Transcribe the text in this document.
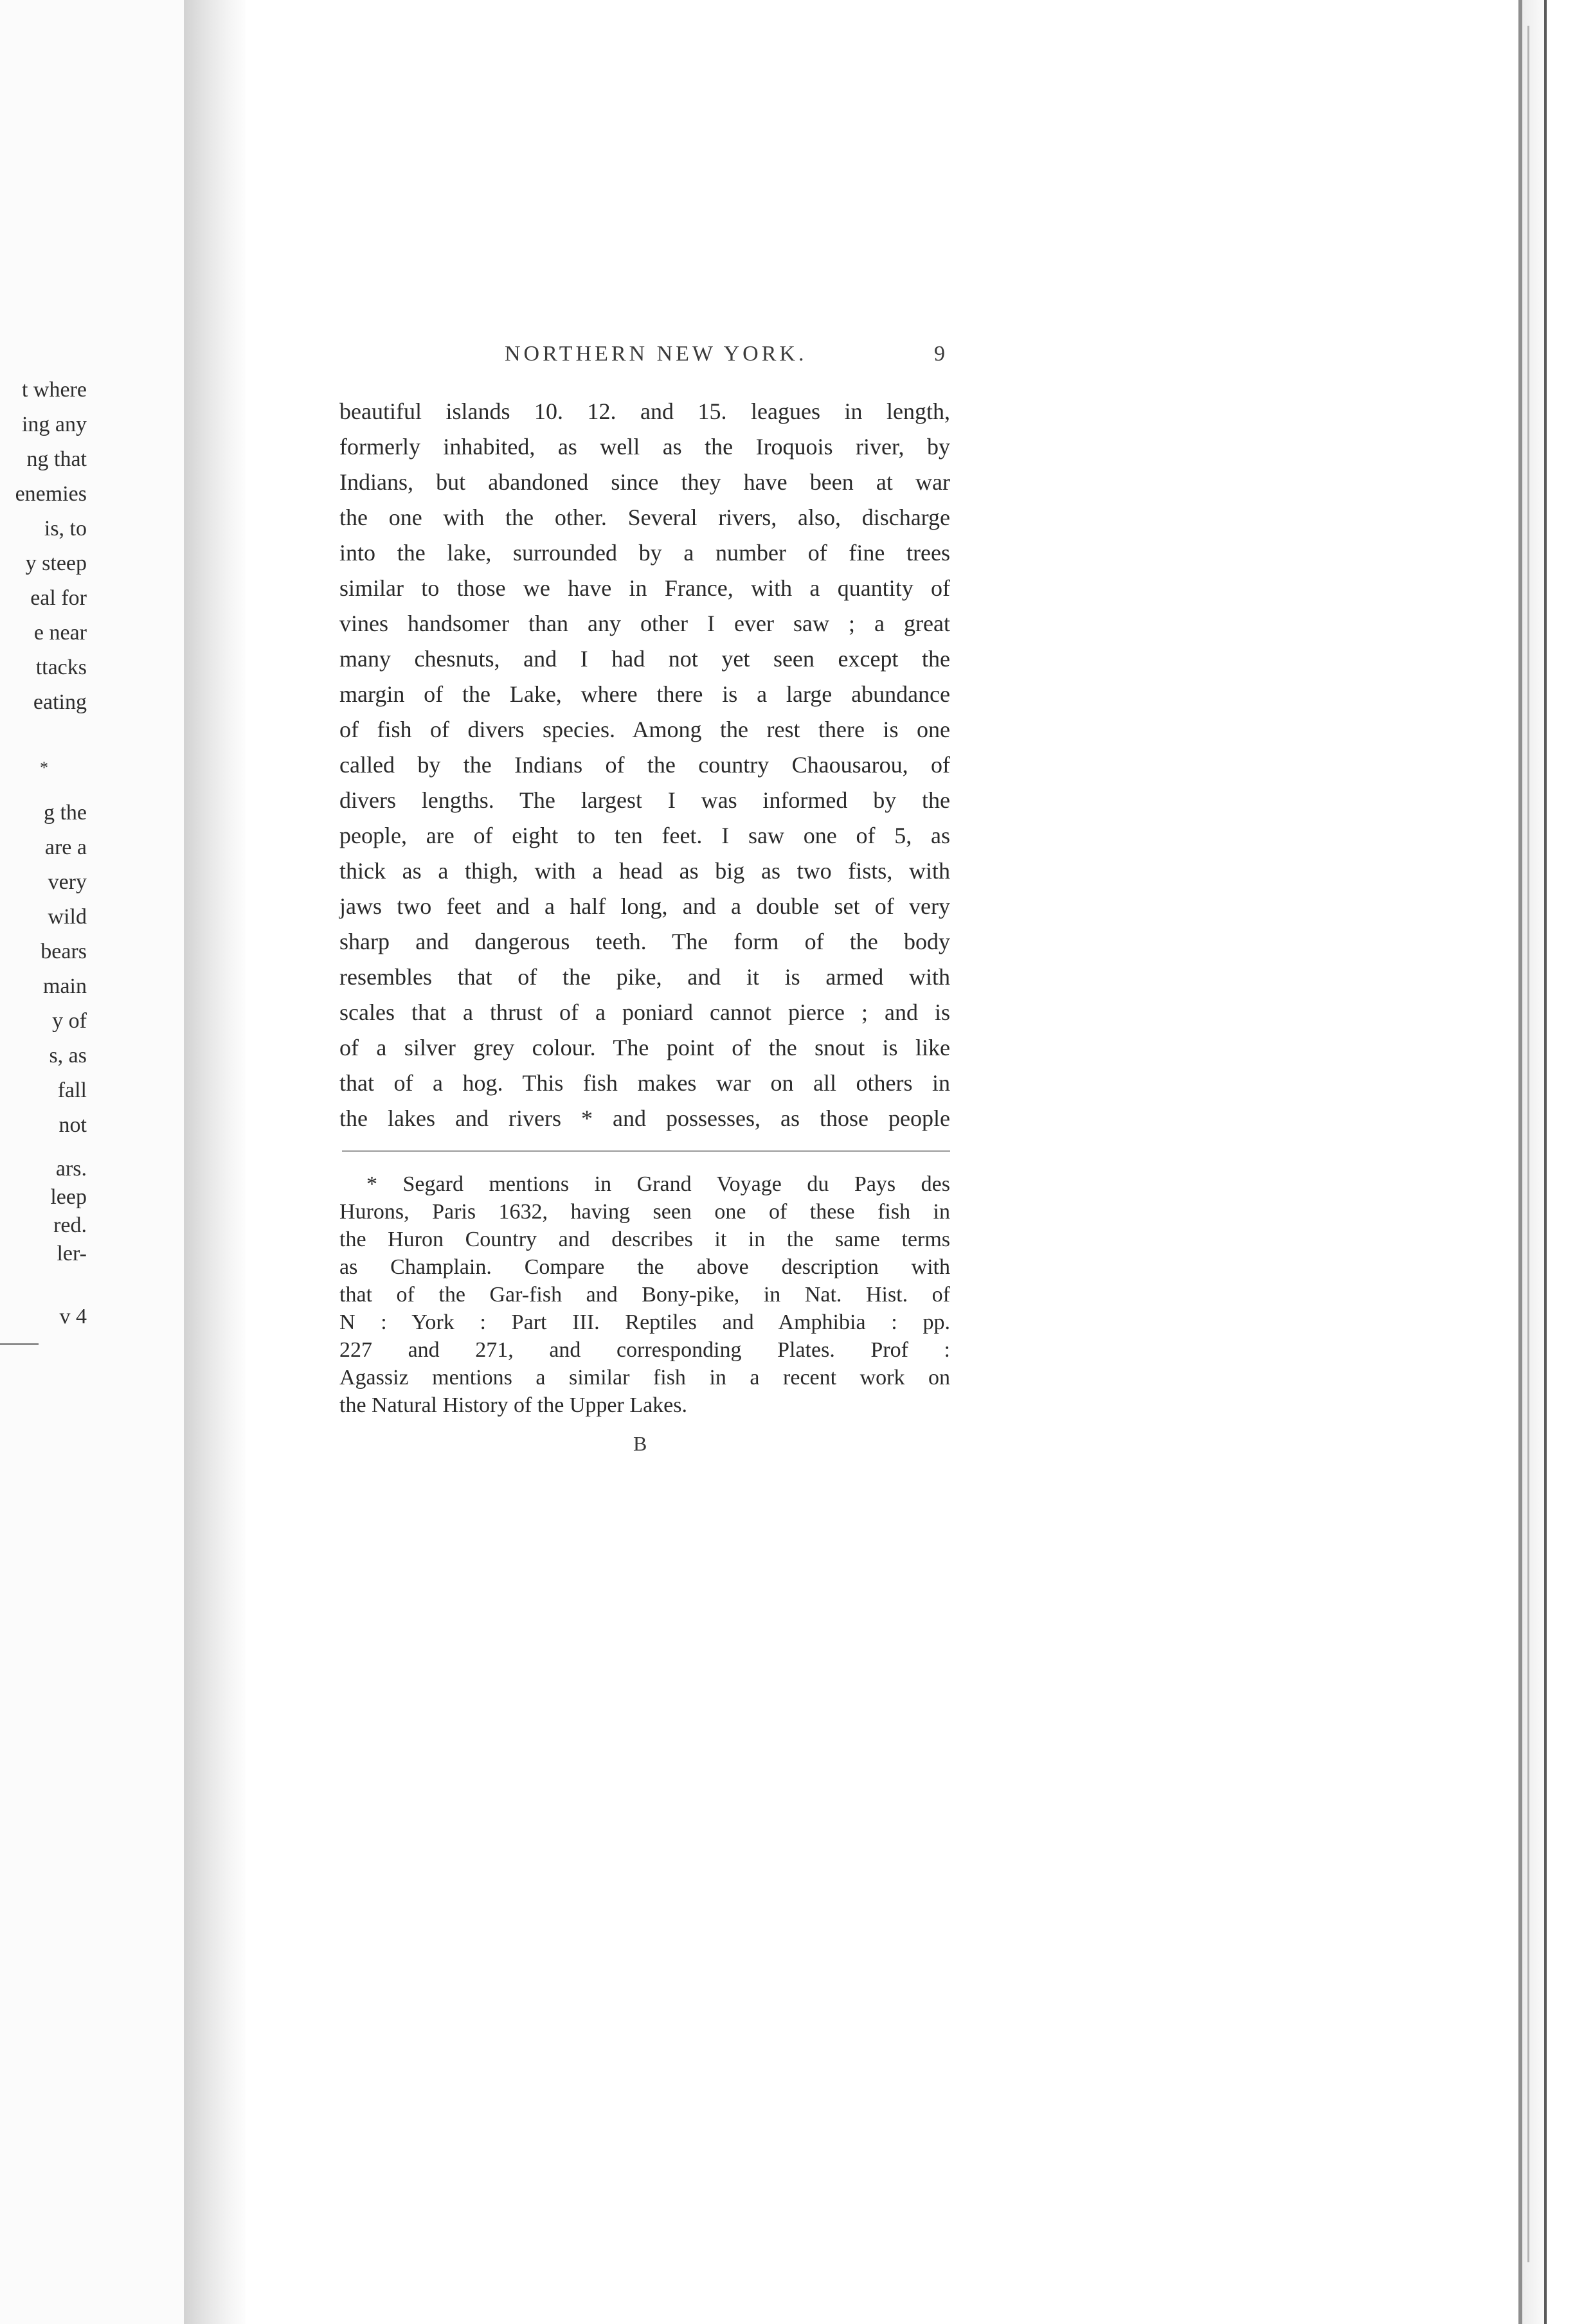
t where
ing any
ng that
enemies
is, to
y steep
eal for
e near
ttacks
eating
*
g the
are a
very
wild
bears
main
y of
s, as
fall
not
ars.
leep
red.
ler-
v 4
NORTHERN NEW YORK.	9
beautiful islands 10. 12. and 15. leagues in length,
formerly inhabited, as well as the Iroquois river, by
Indians, but abandoned since they have been at war
the one with the other. Several rivers, also, discharge
into the lake, surrounded by a number of fine trees
similar to those we have in France, with a quantity of
vines handsomer than any other I ever saw ; a great
many chesnuts, and I had not yet seen except the
margin of the Lake, where there is a large abundance
of fish of divers species. Among the rest there is one
called by the Indians of the country Chaousarou, of
divers lengths. The largest I was informed by the
people, are of eight to ten feet. I saw one of 5, as
thick as a thigh, with a head as big as two fists, with
jaws two feet and a half long, and a double set of very
sharp and dangerous teeth. The form of the body
resembles that of the pike, and it is armed with
scales that a thrust of a poniard cannot pierce ; and is
of a silver grey colour. The point of the snout is like
that of a hog. This fish makes war on all others in
the lakes and rivers * and possesses, as those people
* Segard mentions in Grand Voyage du Pays des
Hurons, Paris 1632, having seen one of these fish in
the Huron Country and describes it in the same terms
as Champlain. Compare the above description with
that of the Gar-fish and Bony-pike, in Nat. Hist. of
N : York : Part III. Reptiles and Amphibia : pp.
227 and 271, and corresponding Plates. Prof :
Agassiz mentions a similar fish in a recent work on
the Natural History of the Upper Lakes.
B
